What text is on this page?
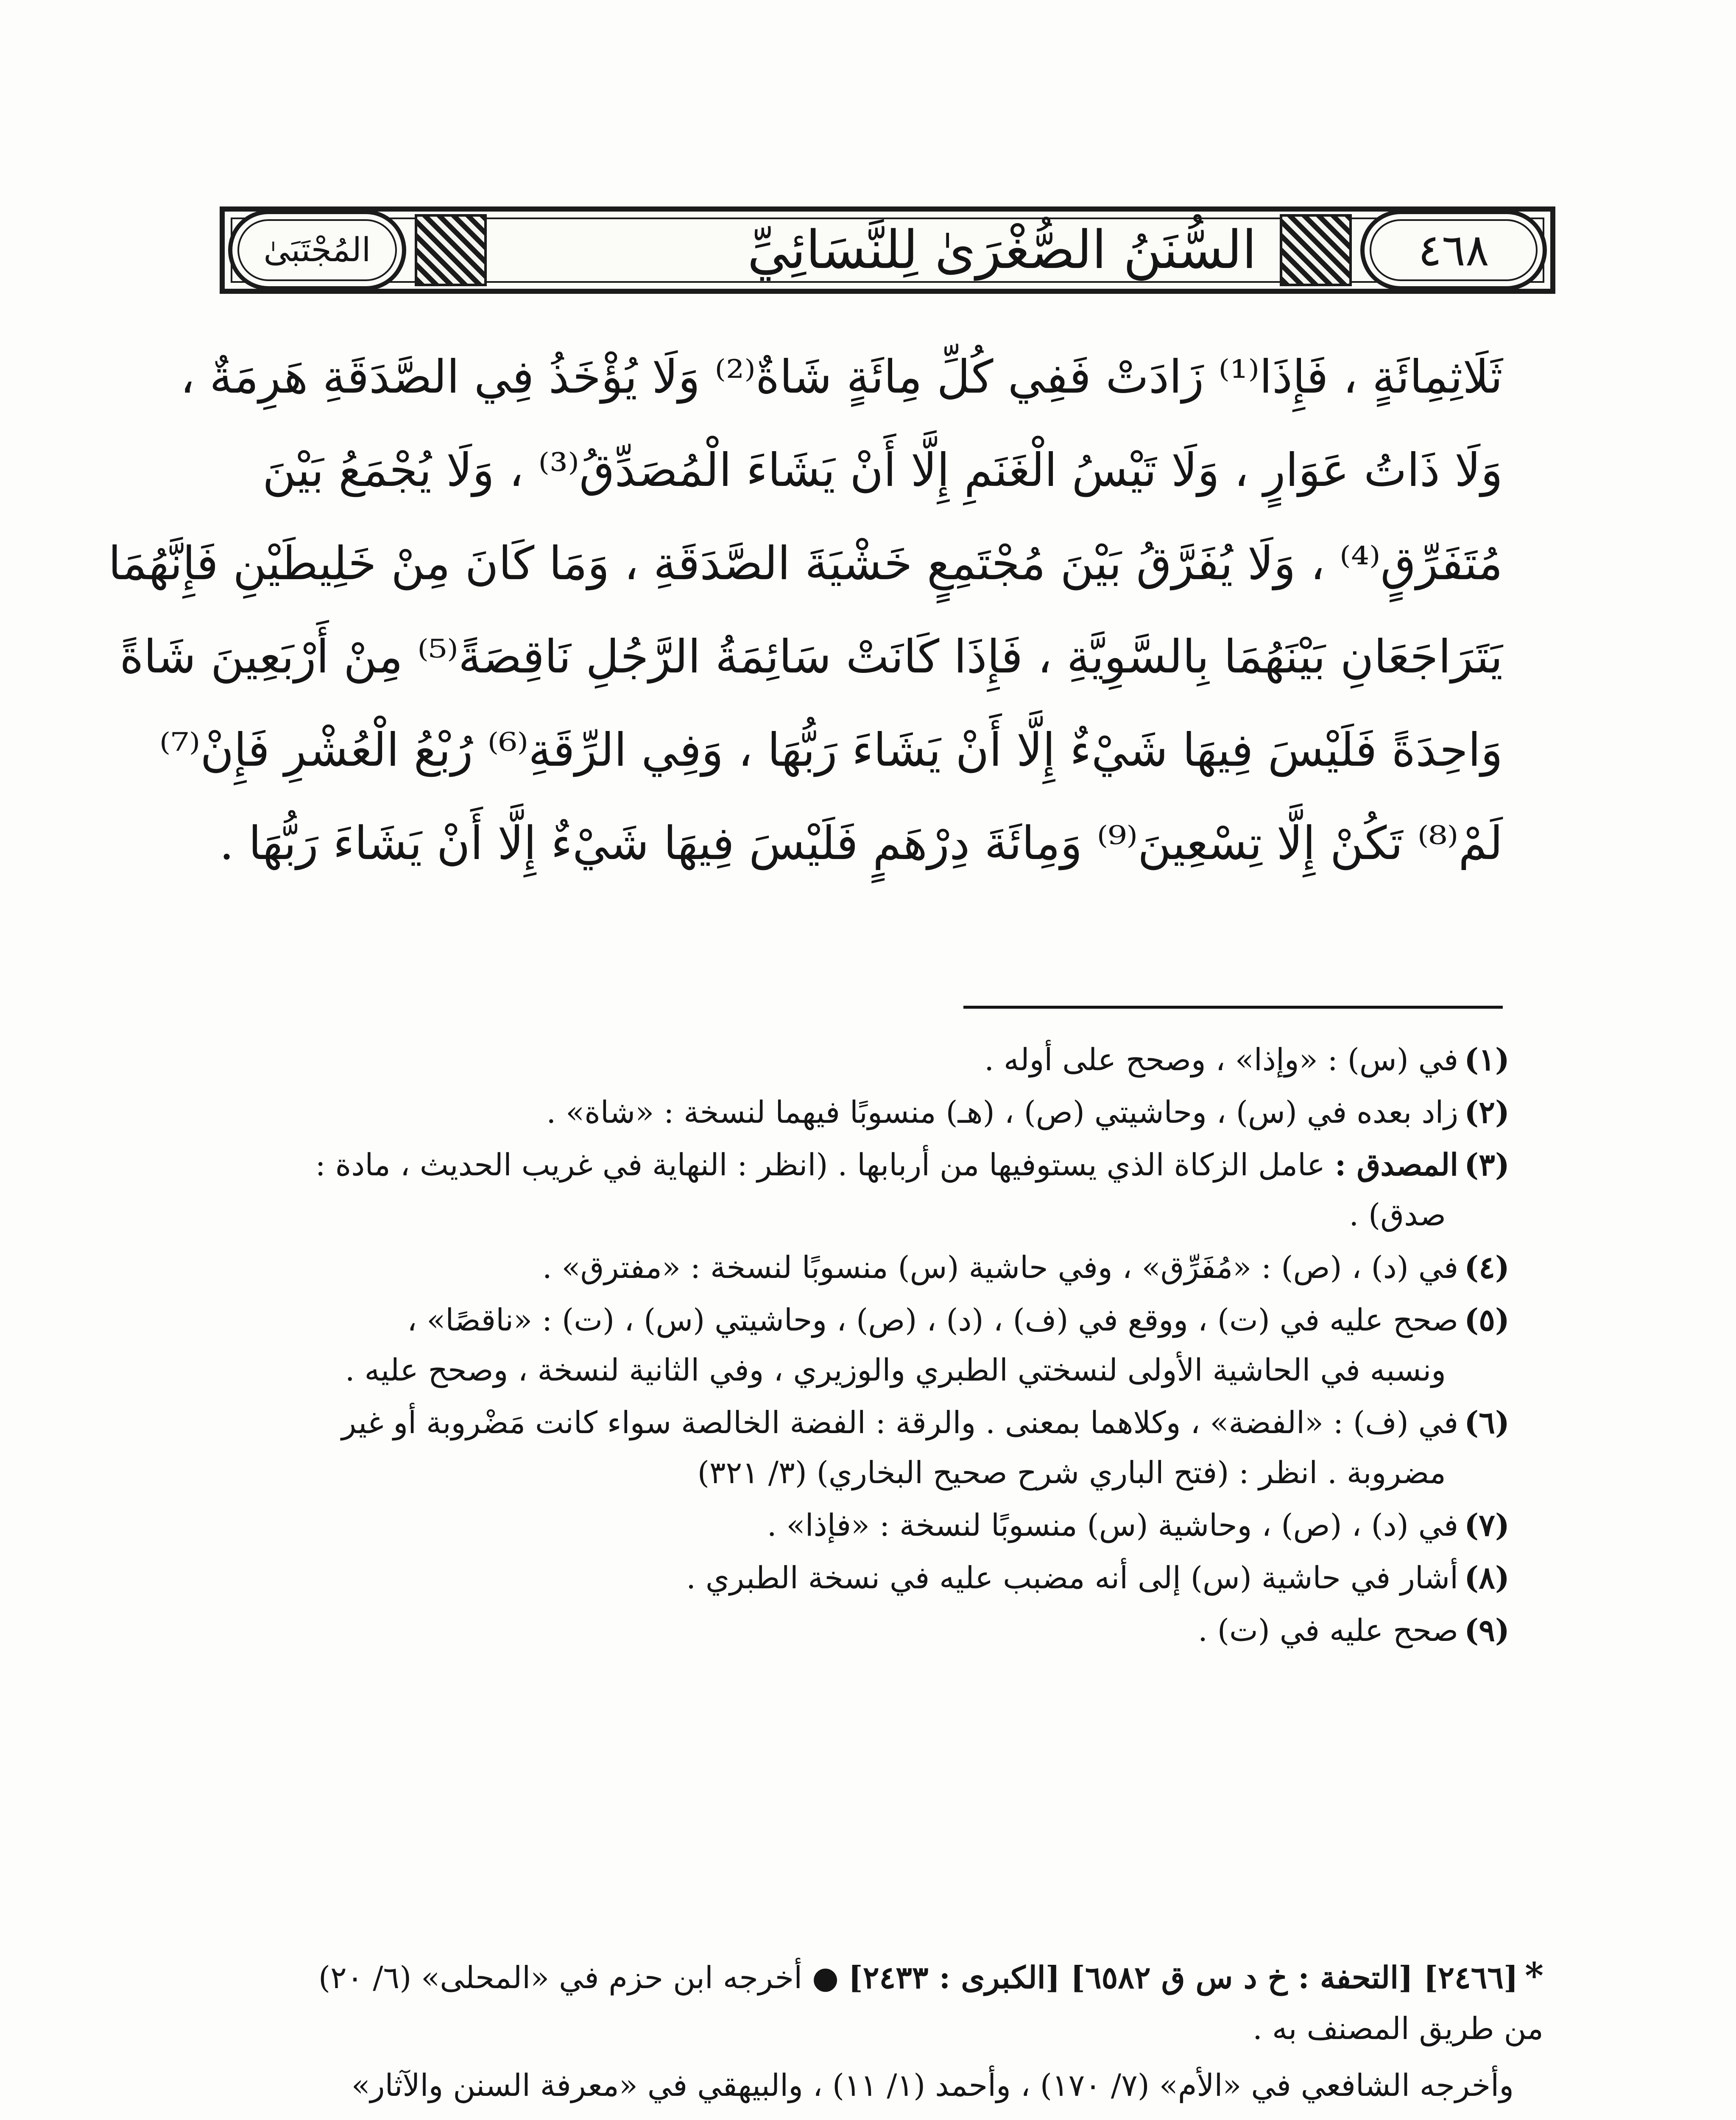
المُجْتَبَىٰ	السُّنَنُ الصُّغْرَىٰ لِلنَّسَائِيِّ	٤٦٨
ثَلَاثِمِائَةٍ ، فَإِذَا⁽¹⁾ زَادَتْ فَفِي كُلِّ مِائَةٍ شَاةٌ⁽²⁾ وَلَا يُؤْخَذُ فِي الصَّدَقَةِ هَرِمَةٌ ،
وَلَا ذَاتُ عَوَارٍ ، وَلَا تَيْسُ الْغَنَمِ إِلَّا أَنْ يَشَاءَ الْمُصَدِّقُ⁽³⁾ ، وَلَا يُجْمَعُ بَيْنَ
مُتَفَرِّقٍ⁽⁴⁾ ، وَلَا يُفَرَّقُ بَيْنَ مُجْتَمِعٍ خَشْيَةَ الصَّدَقَةِ ، وَمَا كَانَ مِنْ خَلِيطَيْنِ فَإِنَّهُمَا
يَتَرَاجَعَانِ بَيْنَهُمَا بِالسَّوِيَّةِ ، فَإِذَا كَانَتْ سَائِمَةُ الرَّجُلِ نَاقِصَةً⁽⁵⁾ مِنْ أَرْبَعِينَ شَاةً
وَاحِدَةً فَلَيْسَ فِيهَا شَيْءٌ إِلَّا أَنْ يَشَاءَ رَبُّهَا ، وَفِي الرِّقَةِ⁽⁶⁾ رُبْعُ الْعُشْرِ فَإِنْ⁽⁷⁾
لَمْ⁽⁸⁾ تَكُنْ إِلَّا تِسْعِينَ⁽⁹⁾ وَمِائَةَ دِرْهَمٍ فَلَيْسَ فِيهَا شَيْءٌ إِلَّا أَنْ يَشَاءَ رَبُّهَا .
(١)في (س) : «وإذا» ، وصحح على أوله .
(٢)زاد بعده في (س) ، وحاشيتي (ص) ، (هـ) منسوبًا فيهما لنسخة : «شاة» .
(٣)المصدق : عامل الزكاة الذي يستوفيها من أربابها . (انظر : النهاية في غريب الحديث ، مادة :
صدق) .
(٤)في (د) ، (ص) : «مُفَرِّق» ، وفي حاشية (س) منسوبًا لنسخة : «مفترق» .
(٥)صحح عليه في (ت) ، ووقع في (ف) ، (د) ، (ص) ، وحاشيتي (س) ، (ت) : «ناقصًا» ،
ونسبه في الحاشية الأولى لنسختي الطبري والوزيري ، وفي الثانية لنسخة ، وصحح عليه .
(٦)في (ف) : «الفضة» ، وكلاهما بمعنى . والرقة : الفضة الخالصة سواء كانت مَضْروبة أو غير
مضروبة . انظر : (فتح الباري شرح صحيح البخاري) (٣/ ٣٢١)
(٧)في (د) ، (ص) ، وحاشية (س) منسوبًا لنسخة : «فإذا» .
(٨)أشار في حاشية (س) إلى أنه مضبب عليه في نسخة الطبري .
(٩)صحح عليه في (ت) .

*[٢٤٦٦] [التحفة : خ د س ق ٦٥٨٢] [الكبرى : ٢٤٣٣] ● أخرجه ابن حزم في «المحلى» (٦/ ٢٠)
من طريق المصنف به .

وأخرجه الشافعي في «الأم» (٧/ ١٧٠) ، وأحمد (١/ ١١) ، والبيهقي في «معرفة السنن والآثار»
